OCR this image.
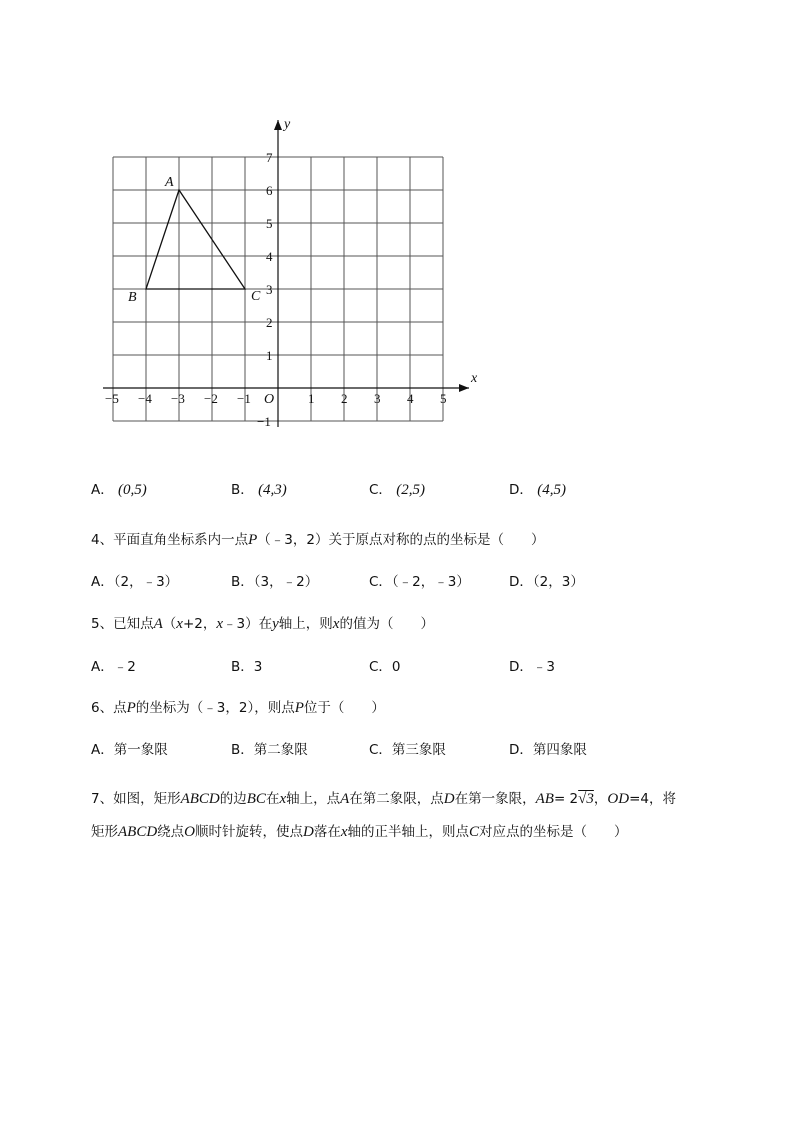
x
y
O
−5 −4 −3 −2 −1	1 2 3 4 5
7
6
5
4
3
2
1
−1
A
B	C
A． (0,5)	B． (4,3)	C． (2,5)	D． (4,5)
4、平面直角坐标系内一点P（﹣3，2）关于原点对称的点的坐标是（　　）
A．（2，﹣3）	B．（3，﹣2）	C．（﹣2，﹣3）	D．（2，3）
5、已知点A（x+2，x﹣3）在y轴上，则x的值为（　　）
A．﹣2	B．3	C．0	D．﹣3
6、点P的坐标为（﹣3，2），则点P位于（　　）
A．第一象限	B．第二象限	C．第三象限	D．第四象限
7、如图，矩形ABCD的边BC在x轴上，点A在第二象限，点D在第一象限，AB= 2√3，OD=4，将
矩形ABCD绕点O顺时针旋转，使点D落在x轴的正半轴上，则点C对应点的坐标是（　　）
